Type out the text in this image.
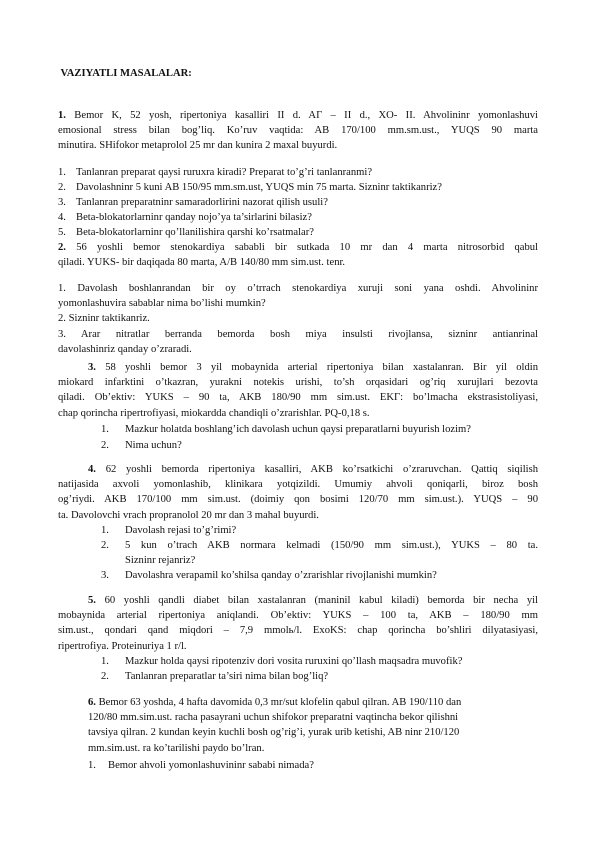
VAZIYATLI MASALALAR:
1. Bemor K, 52 yosh, ripertoniya kasalliri II d. AГ – II d., XO- II. Ahvolininr yomonlashuvi
emosional stress bilan bog’liq. Ko’ruv vaqtida: AB 170/100 mm.sm.ust., YUQS 90 marta
minutira. SHifokor metaprolol 25 mr dan kunira 2 maxal buyurdi.
1. Tanlanran preparat qaysi ruruxra kiradi? Preparat to’g’ri tanlanranmi?
2. Davolashninr 5 kuni AB 150/95 mm.sm.ust, YUQS min 75 marta. Sizninr taktikanriz?
3. Tanlanran preparatninr samaradorlirini nazorat qilish usuli?
4. Beta-blokatorlarninr qanday nojo’ya ta’sirlarini bilasiz?
5. Beta-blokatorlarninr qo’llanilishira qarshi ko’rsatmalar?
2. 56 yoshli bemor stenokardiya sababli bir sutkada 10 mr dan 4 marta nitrosorbid qabul
qiladi. YUKS- bir daqiqada 80 marta, A/B 140/80 mm sim.ust. tenr.
1. Davolash boshlanrandan bir oy o’trrach stenokardiya xuruji soni yana oshdi. Ahvolininr
yomonlashuvira sabablar nima bo’lishi mumkin?
2. Sizninr taktikanriz.
3. Arar nitratlar berranda bemorda bosh miya insulsti rivojlansa, sizninr antianrinal
davolashinriz qanday o’zraradi.
3. 58 yoshli bemor 3 yil mobaynida arterial ripertoniya bilan xastalanran. Bir yil oldin
miokard infarktini o’tkazran, yurakni notekis urishi, to’sh orqasidari og’riq xurujlari bezovta
qiladi. Ob’ektiv: YUKS – 90 ta, AKB 180/90 mm sim.ust. EKГ: bo’lmacha ekstrasistoliyasi,
chap qorincha ripertrofiyasi, miokardda chandiqli o’zrarishlar. PQ-0,18 s.
1. Mazkur holatda boshlang’ich davolash uchun qaysi preparatlarni buyurish lozim?
2. Nima uchun?
4. 62 yoshli bemorda ripertoniya kasalliri, AKB ko’rsatkichi o’zraruvchan. Qattiq siqilish
natijasida axvoli yomonlashib, klinikara yotqizildi. Umumiy ahvoli qoniqarli, biroz bosh
og’riydi. AKB 170/100 mm sim.ust. (doimiy qon bosimi 120/70 mm sim.ust.). YUQS – 90
ta. Davolovchi vrach propranolol 20 mr dan 3 mahal buyurdi.
1. Davolash rejasi to’g’rimi?
2. 5 kun o’trach AKB normara kelmadi (150/90 mm sim.ust.), YUKS – 80 ta.
Sizninr rejanriz?
3. Davolashra verapamil ko’shilsa qanday o’zrarishlar rivojlanishi mumkin?
5. 60 yoshli qandli diabet bilan xastalanran (maninil kabul kiladi) bemorda bir necha yil
mobaynida arterial ripertoniya aniqlandi. Ob’ektiv: YUKS – 100 ta, AKB – 180/90 mm
sim.ust., qondari qand miqdori – 7,9 mmolь/l. ExoKS: chap qorincha bo’shliri dilyatasiyasi,
ripertrofiya. Proteinuriya 1 r/l.
1. Mazkur holda qaysi ripotenziv dori vosita ruruxini qo’llash maqsadra muvofik?
2. Tanlanran preparatlar ta’siri nima bilan bog’liq?
6. Bemor 63 yoshda, 4 hafta davomida 0,3 mr/sut klofelin qabul qilran. AB 190/110 dan
120/80 mm.sim.ust. racha pasayrani uchun shifokor preparatni vaqtincha bekor qilishni
tavsiya qilran. 2 kundan keyin kuchli bosh og’rig’i, yurak urib ketishi, AB ninr 210/120
mm.sim.ust. ra ko’tarilishi paydo bo’lran.
1. Bemor ahvoli yomonlashuvininr sababi nimada?
